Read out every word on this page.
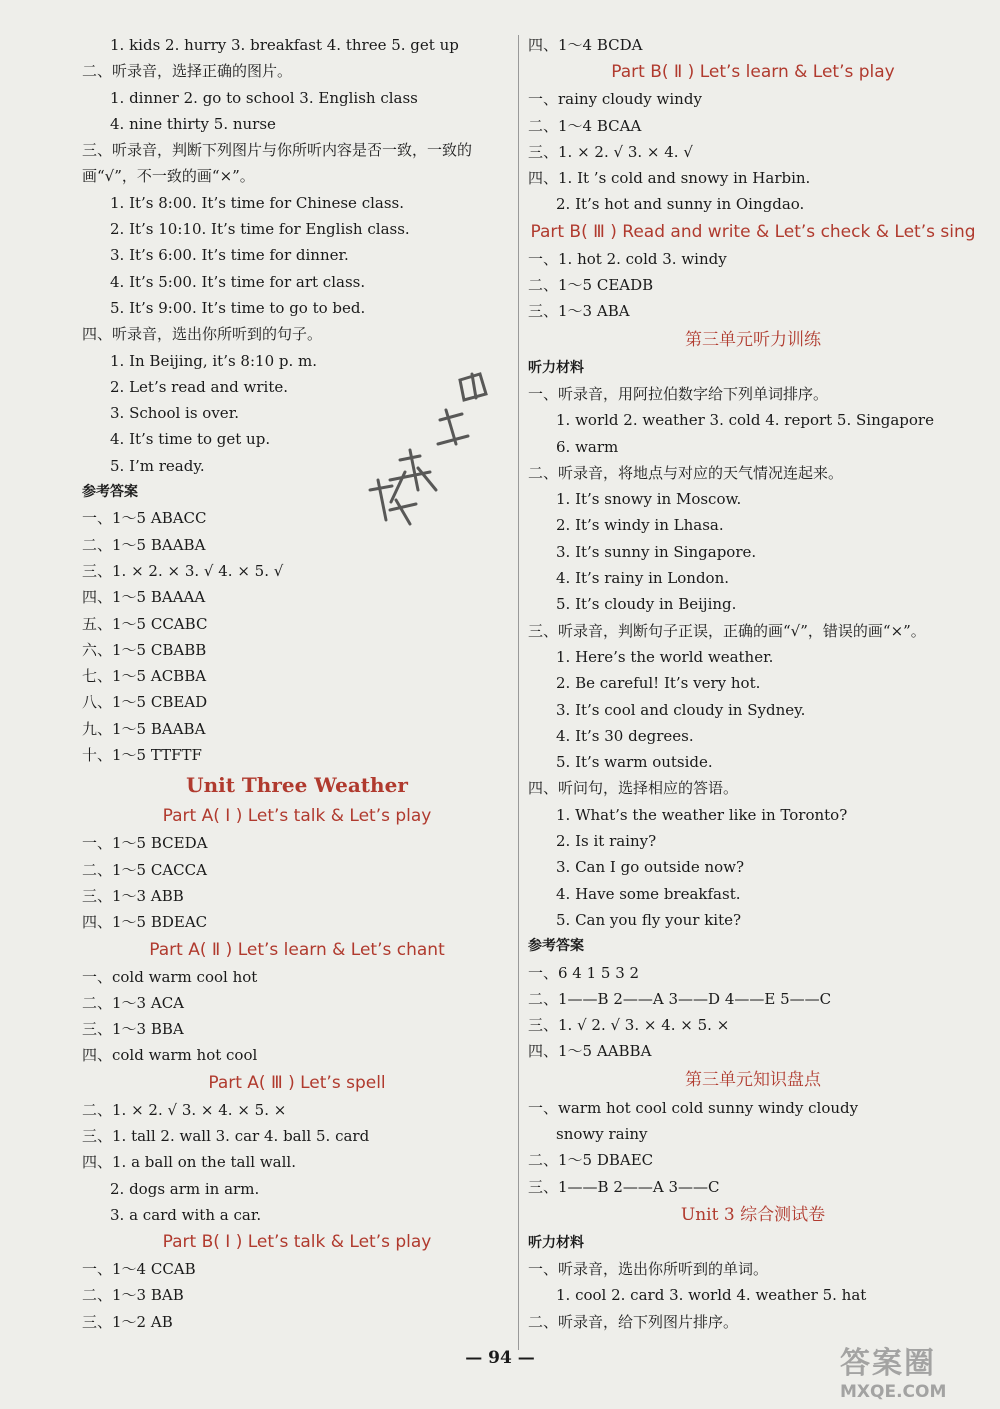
1. kids 2. hurry 3. breakfast 4. three 5. get up
二、听录音，选择正确的图片。
1. dinner 2. go to school 3. English class
4. nine thirty 5. nurse
三、听录音，判断下列图片与你所听内容是否一致，一致的
画“√”，不一致的画“×”。
1. It’s 8:00. It’s time for Chinese class.
2. It’s 10:10. It’s time for English class.
3. It’s 6:00. It’s time for dinner.
4. It’s 5:00. It’s time for art class.
5. It’s 9:00. It’s time to go to bed.
四、听录音，选出你所听到的句子。
1. In Beijing, it’s 8:10 p. m.
2. Let’s read and write.
3. School is over.
4. It’s time to get up.
5. I’m ready.
参考答案
一、1～5 ABACC
二、1～5 BAABA
三、1. × 2. × 3. √ 4. × 5. √
四、1～5 BAAAA
五、1～5 CCABC
六、1～5 CBABB
七、1～5 ACBBA
八、1～5 CBEAD
九、1～5 BAABA
十、1～5 TTFTF
Unit Three Weather
Part A( Ⅰ ) Let’s talk & Let’s play
一、1～5 BCEDA
二、1～5 CACCA
三、1～3 ABB
四、1～5 BDEAC
Part A( Ⅱ ) Let’s learn & Let’s chant
一、cold warm cool hot
二、1～3 ACA
三、1～3 BBA
四、cold warm hot cool
Part A( Ⅲ ) Let’s spell
二、1. × 2. √ 3. × 4. × 5. ×
三、1. tall 2. wall 3. car 4. ball 5. card
四、1. a ball on the tall wall.
2. dogs arm in arm.
3. a card with a car.
Part B( Ⅰ ) Let’s talk & Let’s play
一、1～4 CCAB
二、1～3 BAB
三、1～2 AB
四、1～4 BCDA
Part B( Ⅱ ) Let’s learn & Let’s play
一、rainy cloudy windy
二、1～4 BCAA
三、1. × 2. √ 3. × 4. √
四、1. It ’s cold and snowy in Harbin.
2. It’s hot and sunny in Oingdao.
Part B( Ⅲ ) Read and write & Let’s check & Let’s sing
一、1. hot 2. cold 3. windy
二、1～5 CEADB
三、1～3 ABA
第三单元听力训练
听力材料
一、听录音，用阿拉伯数字给下列单词排序。
1. world 2. weather 3. cold 4. report 5. Singapore
6. warm
二、听录音，将地点与对应的天气情况连起来。
1. It’s snowy in Moscow.
2. It’s windy in Lhasa.
3. It’s sunny in Singapore.
4. It’s rainy in London.
5. It’s cloudy in Beijing.
三、听录音，判断句子正误，正确的画“√”，错误的画“×”。
1. Here’s the world weather.
2. Be careful! It’s very hot.
3. It’s cool and cloudy in Sydney.
4. It’s 30 degrees.
5. It’s warm outside.
四、听问句，选择相应的答语。
1. What’s the weather like in Toronto?
2. Is it rainy?
3. Can I go outside now?
4. Have some breakfast.
5. Can you fly your kite?
参考答案
一、6 4 1 5 3 2
二、1——B 2——A 3——D 4——E 5——C
三、1. √ 2. √ 3. × 4. × 5. ×
四、1～5 AABBA
第三单元知识盘点
一、warm hot cool cold sunny windy cloudy
snowy rainy
二、1～5 DBAEC
三、1——B 2——A 3——C
Unit 3 综合测试卷
听力材料
一、听录音，选出你所听到的单词。
1. cool 2. card 3. world 4. weather 5. hat
二、听录音，给下列图片排序。
— 94 —	答案圈
MXQE.COM
